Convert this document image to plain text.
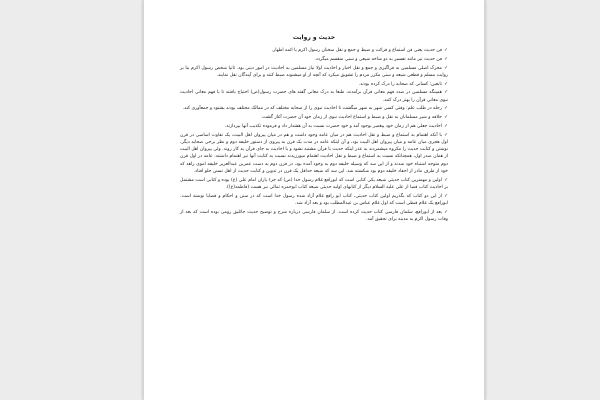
حدیث و روایت
✓فن حدیث یعنی فن استماع و قرائت و ضبط و جمع و نقل سخنان رسول اکرم یا ائمه اطهار.
✓فن حدیث نیز مانند تفسیر به دو شاخه شیعی و سنی منقسم میگردد.
✓محرک اصلی مسلمین به فراگیری و جمع و نقل اخبار و احادیث اولا نیاز مسلمین به احادیث در امور دینی بود. ثانیا شخص رسول اکرم بنا بر روایت مسلم و قطعی شیعه و سنی مکرر مردم را تشویق میکرد که آنچه از او میشنوند ضبط کنند و برای آیندگان نقل نمایند.
✓تابعین: کسانی که صحابه را درک کرده بودند.
✓همینگه مسلمین در صدد فهم معانی قرآن برآمدند، طبعا به درک معانی گفته های حضرت رسول(ص) احتیاج یافتند تا با فهم معانی احادیث نبوی معانی قرآن را بهتر درک کنند.
✓رحله در طلب علم: وقتی کسی شهر به شهر میگشت تا احادیث نبوی را از صحابه مختلف که در ممالک مختلف بودند بشنود و جمعآوری کند.
✓خلافه و شیر مسلمانان به نقل و ضبط و استماع احادیث نبوی از زمان خود آن حضرت آغاز گشت.
✓احادیث جعلی هم از زمان خود پیغمبر بوجود آمد و خود حضرت نسبت به آن هشدار داد و فرموده تکذیب آنها بپردازند.
✓با آنکه اهتمام به استماع و ضبط و نقل احادیث هم در میان عامه وجود داشت و هم در میان پیروان اهل البیت، یک تفاوت اساسی در قرن اول هجری میان عامه و میان پیروان اهل البیت بود، و آن اینکه عامه در مدت یک قرن به پیروی از دستور خلیفه دوم و نظر برخی صحابه دیگر، نوشتن و کتابت حدیث را مکروه میشمردند به عذر اینکه حدیث با قرآن مشتبه نشود و یا احادیث به جای قرآن به کار روند. ولی پیروان اهل البیت از همان صدر اول، همچنانکه نسبت به استماع و ضبط و نقل احادیث اهتمام میورزیدند نسبت به کتابت آنها نیز اهتمام داشتند. عامه در اول قرن دوم متوجه اشتباه خود شدند و از این سد که وسیله خلیفه دوم به وجود آمده بود، در قرن دوم به دست عمربن عبدالعزیز خلیفه اموی زاهد که خود از طرف مادر از احفاد خلیفه دوم بود شکسته شد. این سد که شیعه حداقل یک قرن در تدوین و کتابت حدیث از اهل تسنن جلو افتاد.
✓اولین و مهمترین کتاب حدیثی شیعه یکی کتابی است که ابورافع غلام رسول خدا (ص) که جزء یاران امام علی (ع) بوده و کتابی است مشتمل بر احادیث کتاب قضا از علی علیه السلام دیگر از کتابهای اولیه حدیثی شیعه کتاب ابوحمزه ثمالی نیز هست (فاطمه(ع)).
✓از این دو کتاب که بگذریم اولین کتاب حدیثی، کتاب ابو رافع غلام آزاد شده رسول خدا است که در سنن و احکام و قضایا نوشته است. ابورافع یک غلام قبطی است که اول غلام عباس بن عبدالمطلب بود و بعد آزاد شد.
✓بعد از ابورافع، سلمان فارسی کتاب حدیث کرده است. از سلمان فارسی درباره شرح و توضیح حدیث جاثلیق رومی بوده است که بعد از وفات رسول اکرم به مدینه برای تحقیق آمد.
